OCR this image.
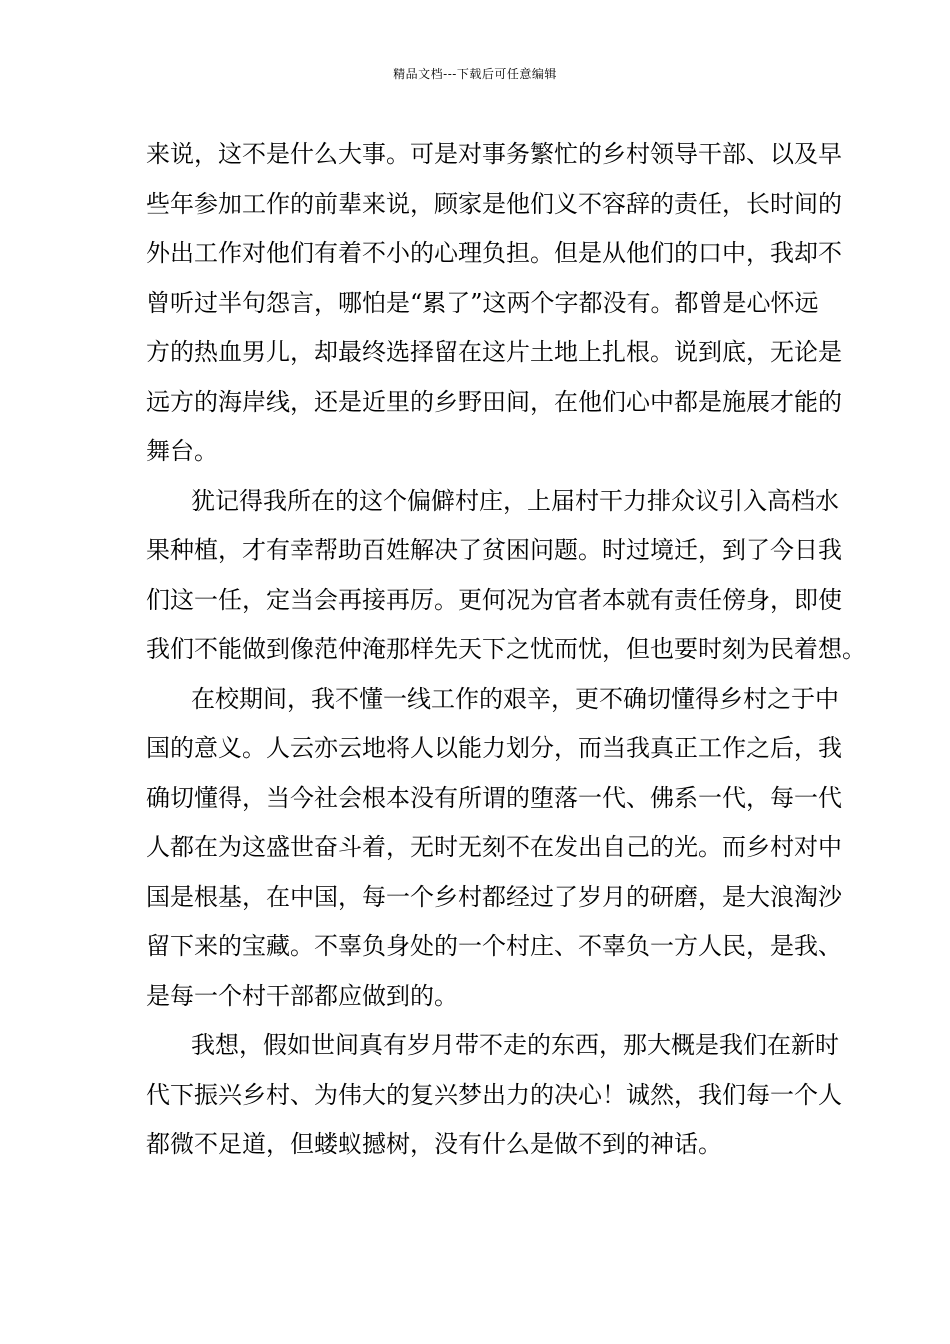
精品文档---下载后可任意编辑
来说，这不是什么大事。可是对事务繁忙的乡村领导干部、以及早
些年参加工作的前辈来说，顾家是他们义不容辞的责任，长时间的
外出工作对他们有着不小的心理负担。但是从他们的口中，我却不
曾听过半句怨言，哪怕是“累了”这两个字都没有。都曾是心怀远
方的热血男儿，却最终选择留在这片土地上扎根。说到底，无论是
远方的海岸线，还是近里的乡野田间，在他们心中都是施展才能的
舞台。
犹记得我所在的这个偏僻村庄，上届村干力排众议引入高档水
果种植，才有幸帮助百姓解决了贫困问题。时过境迁，到了今日我
们这一任，定当会再接再厉。更何况为官者本就有责任傍身，即使
我们不能做到像范仲淹那样先天下之忧而忧，但也要时刻为民着想。
在校期间，我不懂一线工作的艰辛，更不确切懂得乡村之于中
国的意义。人云亦云地将人以能力划分，而当我真正工作之后，我
确切懂得，当今社会根本没有所谓的堕落一代、佛系一代，每一代
人都在为这盛世奋斗着，无时无刻不在发出自己的光。而乡村对中
国是根基，在中国，每一个乡村都经过了岁月的研磨，是大浪淘沙
留下来的宝藏。不辜负身处的一个村庄、不辜负一方人民，是我、
是每一个村干部都应做到的。
我想，假如世间真有岁月带不走的东西，那大概是我们在新时
代下振兴乡村、为伟大的复兴梦出力的决心！诚然，我们每一个人
都微不足道，但蝼蚁撼树，没有什么是做不到的神话。
